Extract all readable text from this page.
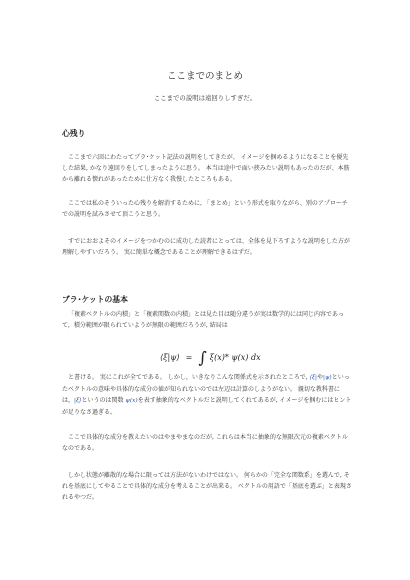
ここまでのまとめ
ここまでの説明は遠回りしすぎだ。
心残り
ここまで六回にわたってブラ･ケット記法の説明をしてきたが、 イメージを掴めるようになることを優先した結果, かなり遠回りをしてしまったように思う。 本当は途中で面い挟みたい説明もあったのだが、本筋から離れる懐れがあったために仕方なく我慢したところもある。
ここでは私のそういった心残りを解消するために, 「まとめ」という形式を取りながら、別のアプローチでの説明を試みさせて頂こうと思う。
すでにおおよそのイメージをつかむのに成功した読者にとっては、全体を見下ろすような説明をした方が理解しやすいだろう。 実に簡単な概念であることが理解できるはずだ。
ブラ･ケットの基本
「複素ベクトルの内積」と「複素関数の内積」とは見た目は随分違うが実は数学的には同じ内容であって，積分範囲が限られていようが無限の範囲だろうが, 結局は
⟨ξ|ψ⟩ = ∫ ξ(x)* ψ(x) dx
と書ける。 実にこれが全てである。 しかし，いきなりこんな関係式を示されたところで, ⟨ξ|や|ψ⟩といったベクトルの意味や具体的な成分の値が知られないのでは左辺は計算のしようがない。 親切な教科書には，|ξ⟩というのは関数 ψ(x)を表す抽象的なベクトルだと説明してくれてあるが, イメージを掴むにはヒントが足りなさ過ぎる。
ここで具体的な成分を教えたいのはやまやまなのだが, これらは本当に抽象的な無限次元の複素ベクトルなのである。
しかし状態が離散的な場合に限っては方法がないわけではない。 何らかの「完全な関数系」を選んで, それを基底にしてやることで具体的な成分を考えることが出来る。 ベクトルの用語で「基底を選ぶ」と表現されるやつだ。
